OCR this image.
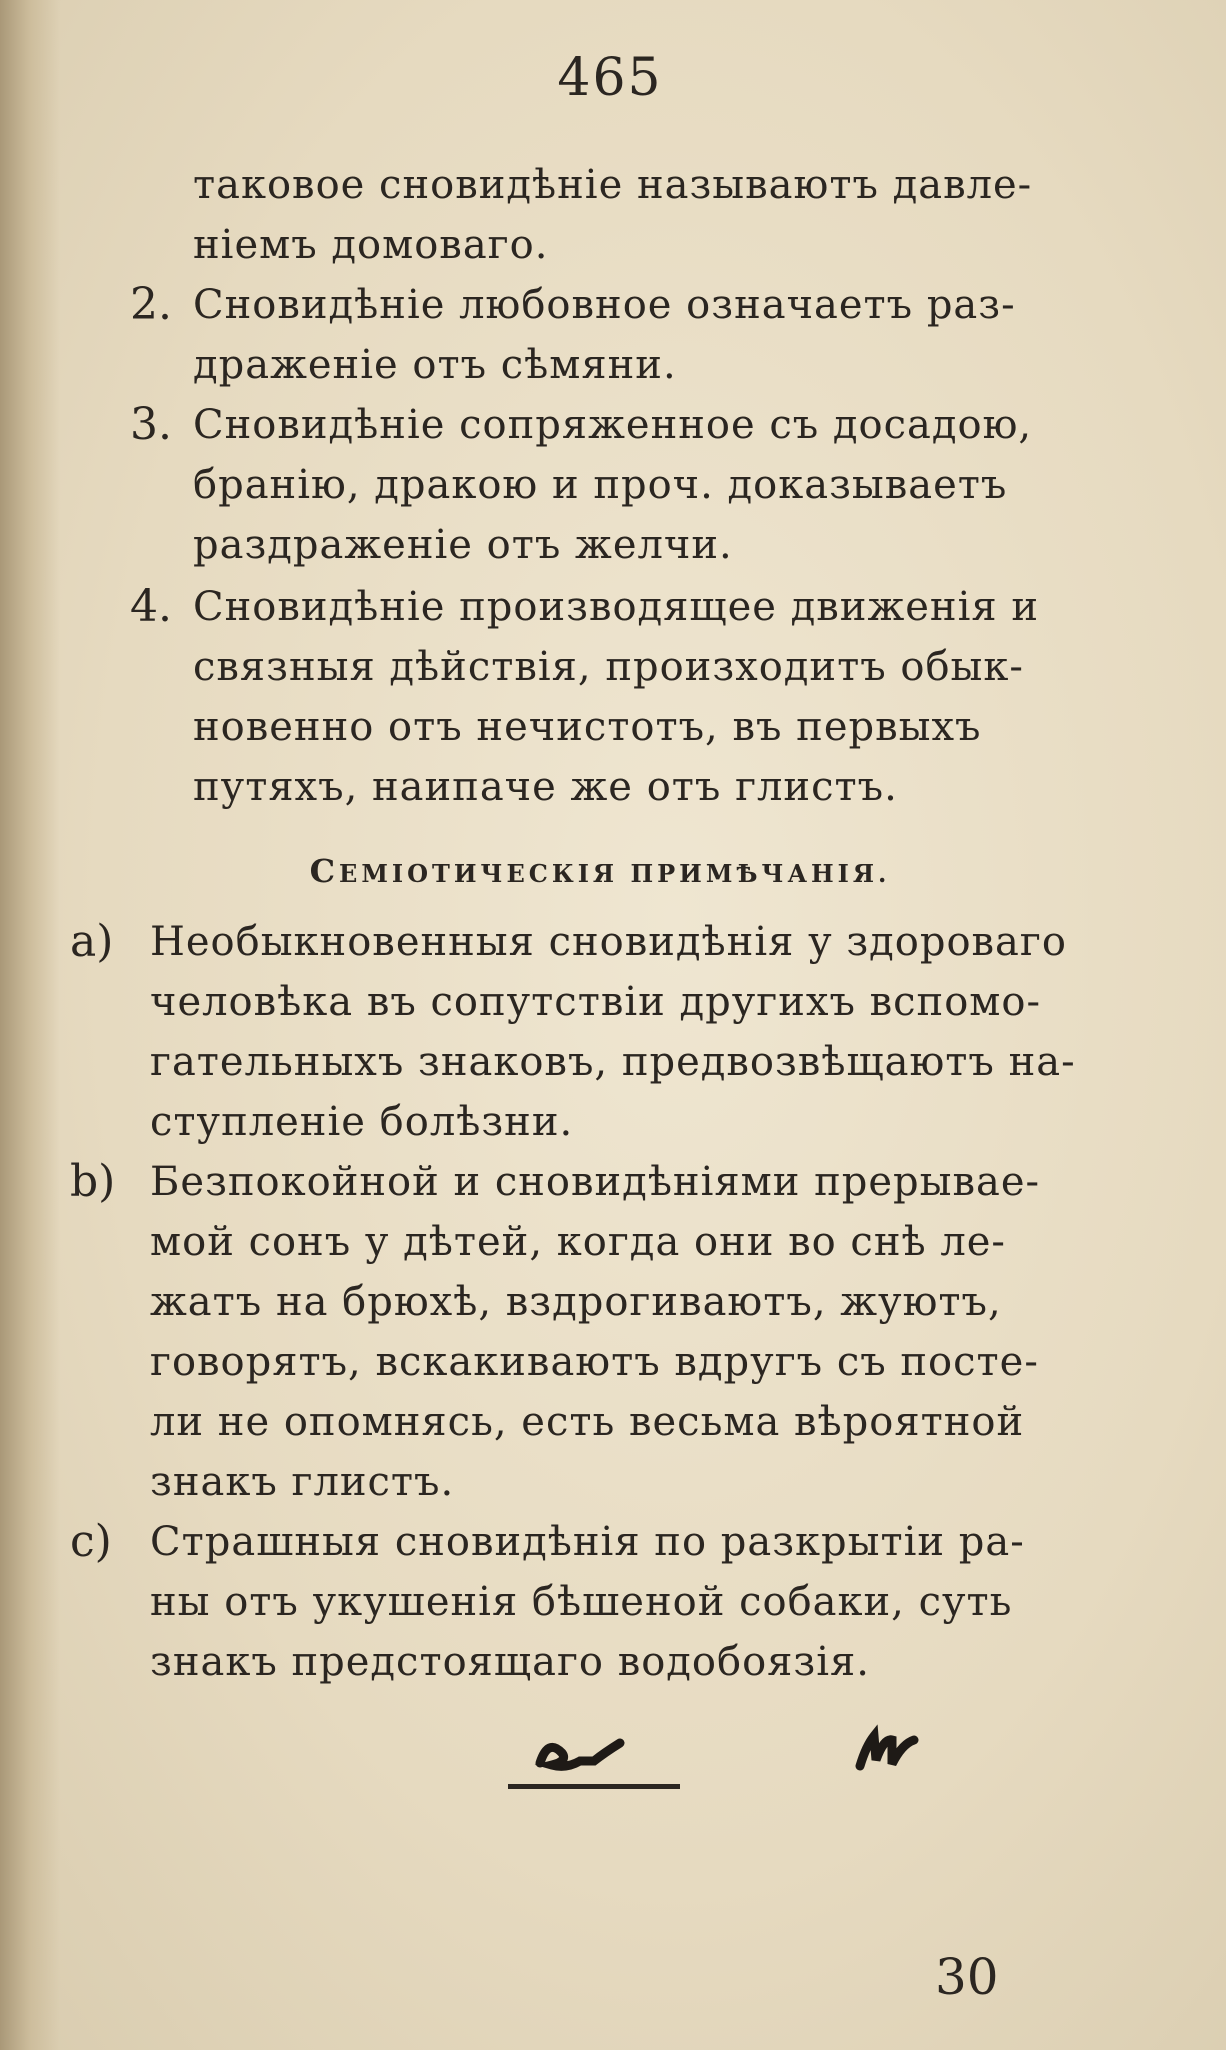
465
таковое сновидѣніе называютъ давле-
ніемъ домоваго.
2. Сновидѣніе любовное означаетъ раз-
драженіе отъ сѣмяни.
3. Сновидѣніе сопряженное съ досадою,
бранію, дракою и проч. доказываетъ
раздраженіе отъ желчи.
4. Сновидѣніе производящее движенія и
связныя дѣйствія, произходитъ обык-
новенно отъ нечистотъ, въ первыхъ
путяхъ, наипаче же отъ глистъ.
СЕМІОТИЧЕСКІЯ ПРИМѢЧАНІЯ.
a) Необыкновенныя сновидѣнія у здороваго
человѣка въ сопутствіи другихъ вспомо-
гательныхъ знаковъ, предвозвѣщаютъ на-
ступленіе болѣзни.
b) Безпокойной и сновидѣніями прерывае-
мой сонъ у дѣтей, когда они во снѣ ле-
жатъ на брюхѣ, вздрогиваютъ, жуютъ,
говорятъ, вскакиваютъ вдругъ съ посте-
ли не опомнясь, есть весьма вѣроятной
знакъ глистъ.
c) Страшныя сновидѣнія по разкрытіи ра-
ны отъ укушенія бѣшеной собаки, суть
знакъ предстоящаго водобоязія.
30
